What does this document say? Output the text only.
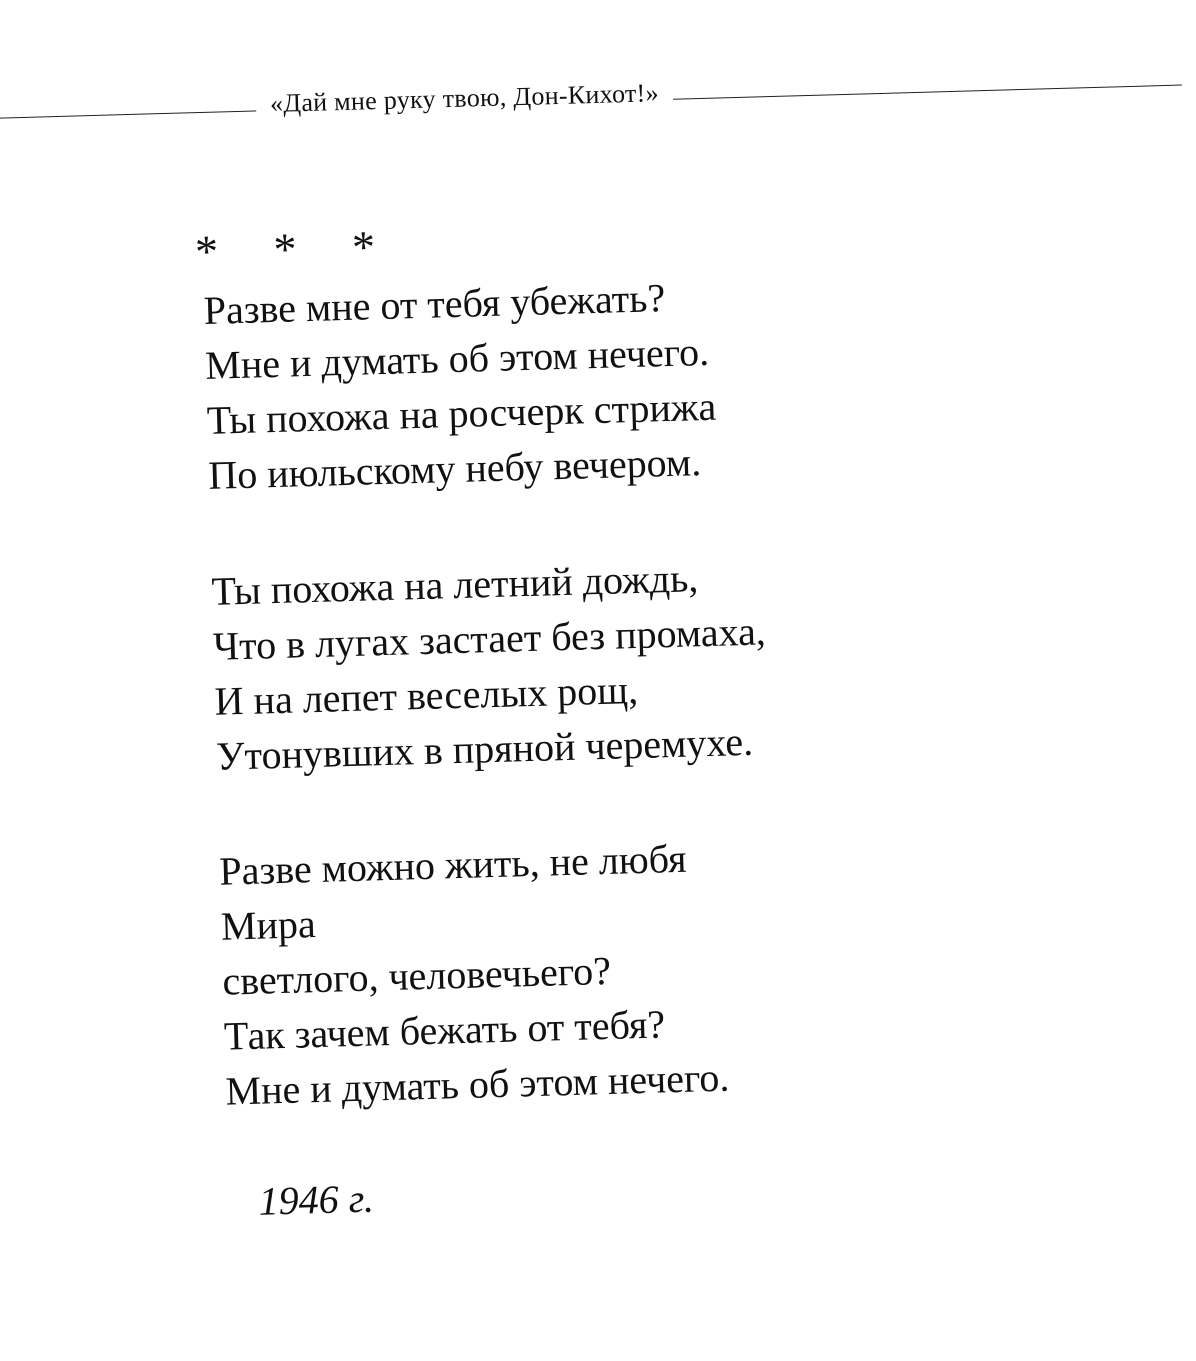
«Дай мне руку твою, Дон-Кихот!»
* * *
Разве мне от тебя убежать?
Мне и думать об этом нечего.
Ты похожа на росчерк стрижа
По июльскому небу вечером.
Ты похожа на летний дождь,
Что в лугах застает без промаха,
И на лепет веселых рощ,
Утонувших в пряной черемухе.
Разве можно жить, не любя
Мира
светлого, человечьего?
Так зачем бежать от тебя?
Мне и думать об этом нечего.
1946 г.
